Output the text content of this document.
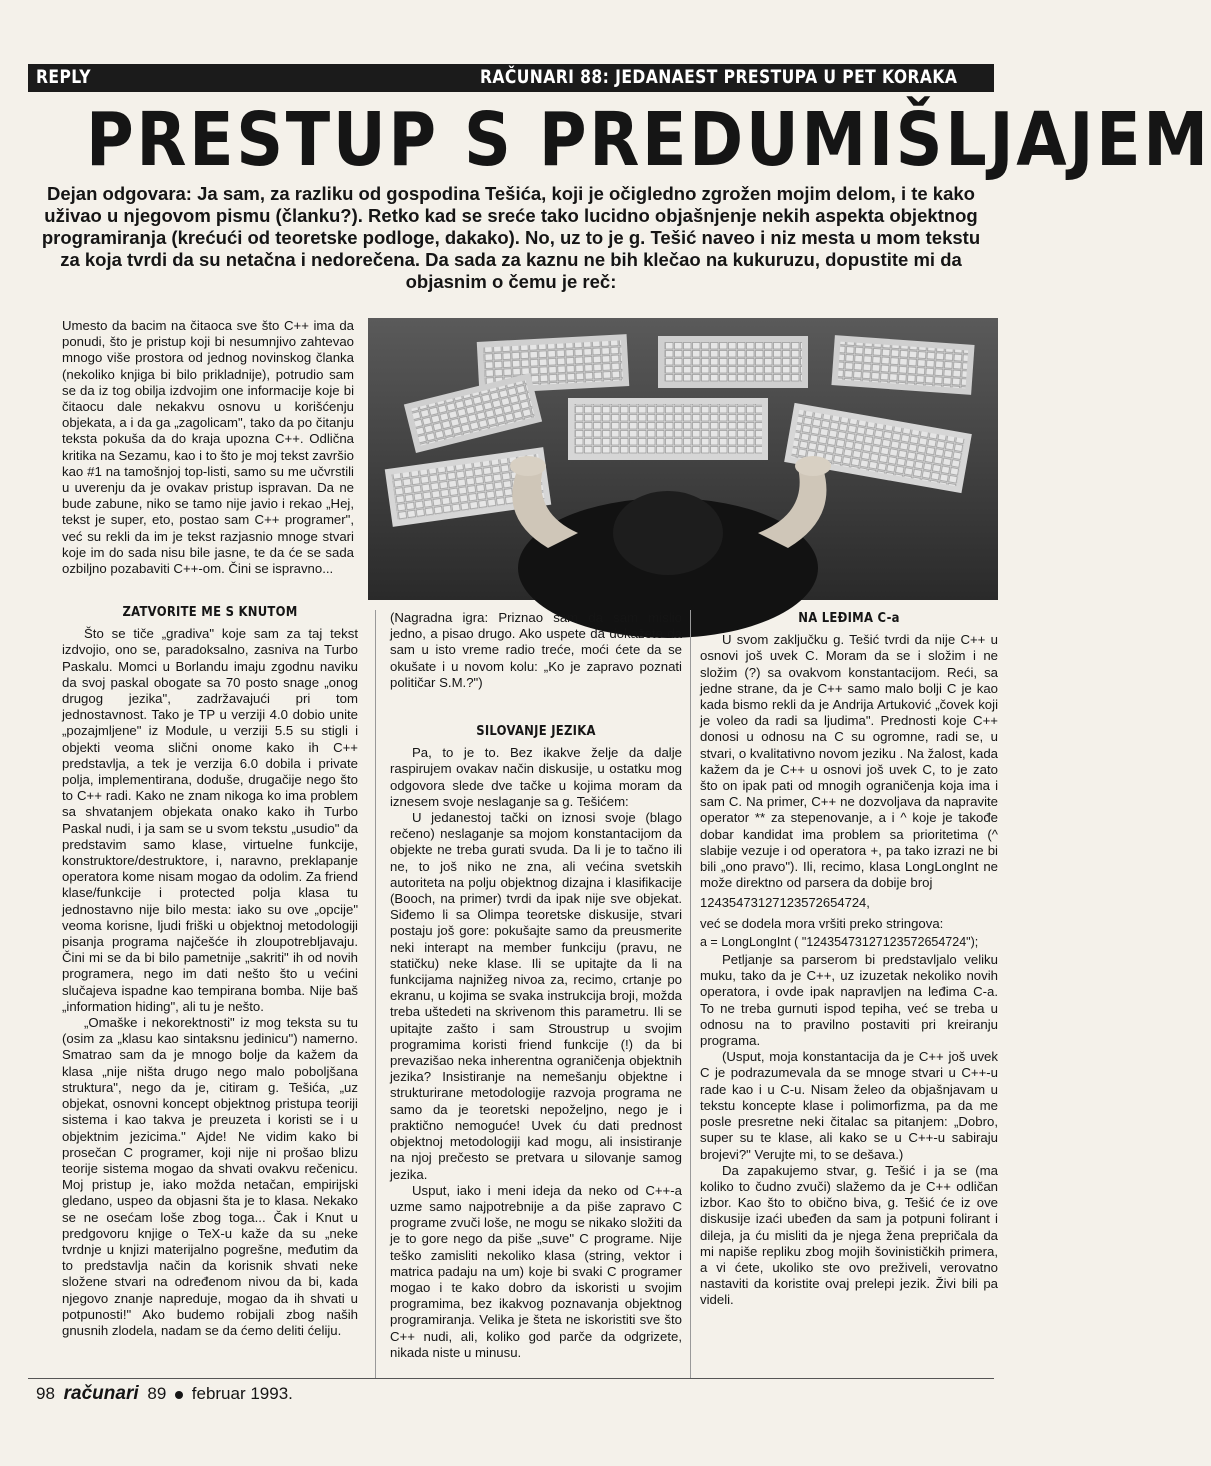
REPLY	RAČUNARI 88: JEDANAEST PRESTUPA U PET KORAKA
PRESTUP S PREDUMIŠLJAJEM

Dejan odgovara: Ja sam, za razliku od gospodina Tešića, koji je očigledno zgrožen mojim delom, i te kako uživao u njegovom pismu (članku?). Retko kad se sreće tako lucidno objašnjenje nekih aspekta objektnog programiranja (krećući od teoretske podloge, dakako). No, uz to je g. Tešić naveo i niz mesta u mom tekstu za koja tvrdi da su netačna i nedorečena. Da sada za kaznu ne bih klečao na kukuruzu, dopustite mi da objasnim o čemu je reč:

Umesto da bacim na čitaoca sve što C++ ima da ponudi, što je pristup koji bi nesumnjivo zahtevao mnogo više prostora od jednog novinskog članka (nekoliko knjiga bi bilo prikladnije), potrudio sam se da iz tog obilja izdvojim one informacije koje bi čitaocu dale nekakvu osnovu u korišćenju objekata, a i da ga „zagolicam", tako da po čitanju teksta pokuša da do kraja upozna C++. Odlična kritika na Sezamu, kao i to što je moj tekst završio kao #1 na tamošnjoj top-listi, samo su me učvrstili u uverenju da je ovakav pristup ispravan. Da ne bude zabune, niko se tamo nije javio i rekao „Hej, tekst je super, eto, postao sam C++ programer", već su rekli da im je tekst razjasnio mnoge stvari koje im do sada nisu bile jasne, te da će se sada ozbiljno pozabaviti C++-om. Čini se ispravno...

ZATVORITE ME S KNUTOM

Što se tiče „gradiva" koje sam za taj tekst izdvojio, ono se, paradoksalno, zasniva na Turbo Paskalu. Momci u Borlandu imaju zgodnu naviku da svoj paskal obogate sa 70 posto snage „onog drugog jezika", zadržavajući pri tom jednostavnost. Tako je TP u verziji 4.0 dobio unite „pozajmljene" iz Module, u verziji 5.5 su stigli i objekti veoma slični onome kako ih C++ predstavlja, a tek je verzija 6.0 dobila i private polja, implementirana, doduše, drugačije nego što to C++ radi. Kako ne znam nikoga ko ima problem sa shvatanjem objekata onako kako ih Turbo Paskal nudi, i ja sam se u svom tekstu „usudio" da predstavim samo klase, virtuelne funkcije, konstruktore/destruktore, i, naravno, preklapanje operatora kome nisam mogao da odolim. Za friend klase/funkcije i protected polja klasa tu jednostavno nije bilo mesta: iako su ove „opcije" veoma korisne, ljudi friški u objektnoj metodologiji pisanja programa najčešće ih zloupotrebljavaju. Čini mi se da bi bilo pametnije „sakriti" ih od novih programera, nego im dati nešto što u većini slučajeva ispadne kao tempirana bomba. Nije baš „information hiding", ali tu je nešto.

„Omaške i nekorektnosti" iz mog teksta su tu (osim za „klasu kao sintaksnu jedinicu") namerno. Smatrao sam da je mnogo bolje da kažem da klasa „nije ništa drugo nego malo poboljšana struktura", nego da je, citiram g. Tešića, „uz objekat, osnovni koncept objektnog pristupa teoriji sistema i kao takva je preuzeta i koristi se i u objektnim jezicima." Ajde! Ne vidim kako bi prosečan C programer, koji nije ni prošao blizu teorije sistema mogao da shvati ovakvu rečenicu. Moj pristup je, iako možda netačan, empirijski gledano, uspeo da objasni šta je to klasa. Nekako se ne osećam loše zbog toga... Čak i Knut u predgovoru knjige o TeX-u kaže da su „neke tvrdnje u knjizi materijalno pogrešne, međutim da to predstavlja način da korisnik shvati neke složene stvari na određenom nivou da bi, kada njegovo znanje napreduje, mogao da ih shvati u potpunosti!" Ako budemo robijali zbog naših gnusnih zlodela, nadam se da ćemo deliti ćeliju.

(Nagradna igra: Priznao sam da sam mislio jedno, a pisao drugo. Ako uspete da dokažete da sam u isto vreme radio treće, moći ćete da se okušate i u novom kolu: „Ko je zapravo poznati političar S.M.?")

SILOVANJE JEZIKA

Pa, to je to. Bez ikakve želje da dalje raspirujem ovakav način diskusije, u ostatku mog odgovora slede dve tačke u kojima moram da iznesem svoje neslaganje sa g. Tešićem:

U jedanestoj tački on iznosi svoje (blago rečeno) neslaganje sa mojom konstantacijom da objekte ne treba gurati svuda. Da li je to tačno ili ne, to još niko ne zna, ali većina svetskih autoriteta na polju objektnog dizajna i klasifikacije (Booch, na primer) tvrdi da ipak nije sve objekat. Siđemo li sa Olimpa teoretske diskusije, stvari postaju još gore: pokušajte samo da preusmerite neki interapt na member funkciju (pravu, ne statičku) neke klase. Ili se upitajte da li na funkcijama najnižeg nivoa za, recimo, crtanje po ekranu, u kojima se svaka instrukcija broji, možda treba uštedeti na skrivenom this parametru. Ili se upitajte zašto i sam Stroustrup u svojim programima koristi friend funkcije (!) da bi prevazišao neka inherentna ograničenja objektnih jezika? Insistiranje na nemešanju objektne i strukturirane metodologije razvoja programa ne samo da je teoretski nepoželjno, nego je i praktično nemoguće! Uvek ću dati prednost objektnoj metodologiji kad mogu, ali insistiranje na njoj prečesto se pretvara u silovanje samog jezika.

Usput, iako i meni ideja da neko od C++-a uzme samo najpotrebnije a da piše zapravo C programe zvuči loše, ne mogu se nikako složiti da je to gore nego da piše „suve" C programe. Nije teško zamisliti nekoliko klasa (string, vektor i matrica padaju na um) koje bi svaki C programer mogao i te kako dobro da iskoristi u svojim programima, bez ikakvog poznavanja objektnog programiranja. Velika je šteta ne iskoristiti sve što C++ nudi, ali, koliko god parče da odgrizete, nikada niste u minusu.

NA LEĐIMA C-a

U svom zaključku g. Tešić tvrdi da nije C++ u osnovi još uvek C. Moram da se i složim i ne složim (?) sa ovakvom konstantacijom. Reći, sa jedne strane, da je C++ samo malo bolji C je kao kada bismo rekli da je Andrija Artuković „čovek koji je voleo da radi sa ljudima". Prednosti koje C++ donosi u odnosu na C su ogromne, radi se, u stvari, o kvalitativno novom jeziku . Na žalost, kada kažem da je C++ u osnovi još uvek C, to je zato što on ipak pati od mnogih ograničenja koja ima i sam C. Na primer, C++ ne dozvoljava da napravite operator ** za stepenovanje, a i ^ koje je takođe dobar kandidat ima problem sa prioritetima (^ slabije vezuje i od operatora +, pa tako izrazi ne bi bili „ono pravo"). Ili, recimo, klasa LongLongInt ne može direktno od parsera da dobije broj

12435473127123572654724,

već se dodela mora vršiti preko stringova:

a = LongLongInt ( "12435473127123572654724");

Petljanje sa parserom bi predstavljalo veliku muku, tako da je C++, uz izuzetak nekoliko novih operatora, i ovde ipak napravljen na leđima C-a. To ne treba gurnuti ispod tepiha, već se treba u odnosu na to pravilno postaviti pri kreiranju programa.

(Usput, moja konstantacija da je C++ još uvek C je podrazumevala da se mnoge stvari u C++-u rade kao i u C-u. Nisam želeo da objašnjavam u tekstu koncepte klase i polimorfizma, pa da me posle presretne neki čitalac sa pitanjem: „Dobro, super su te klase, ali kako se u C++-u sabiraju brojevi?" Verujte mi, to se dešava.)

Da zapakujemo stvar, g. Tešić i ja se (ma koliko to čudno zvuči) slažemo da je C++ odličan izbor. Kao što to obično biva, g. Tešić će iz ove diskusije izaći ubeđen da sam ja potpuni folirant i dileja, ja ću misliti da je njega žena prepričala da mi napiše repliku zbog mojih šovinističkih primera, a vi ćete, ukoliko ste ovo preživeli, verovatno nastaviti da koristite ovaj prelepi jezik. Živi bili pa videli.

98 računari 89 februar 1993.
